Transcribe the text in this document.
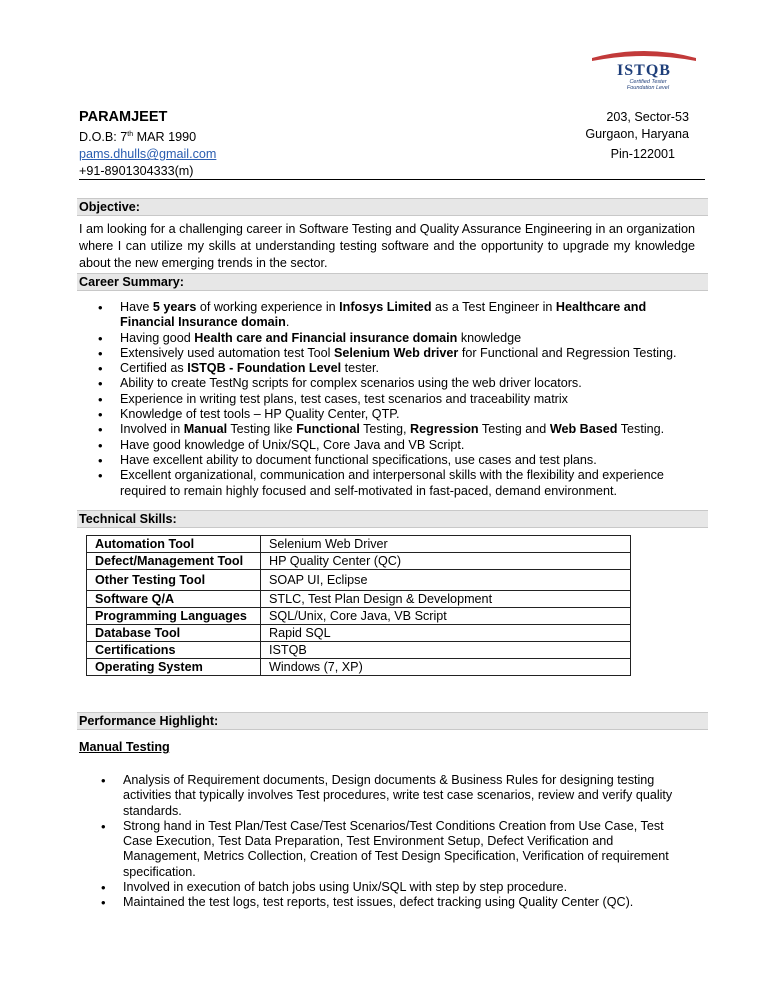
ISTQB
Certified Tester
Foundation Level
PARAMJEET	203, Sector-53
D.O.B: 7th MAR 1990	Gurgaon, Haryana
pams.dhulls@gmail.com	Pin-122001
+91-8901304333(m)
Objective:

I am looking for a challenging career in Software Testing and Quality Assurance Engineering in an organization where I can utilize my skills at understanding testing software and the opportunity to upgrade my knowledge about the new emerging trends in the sector.

Career Summary:
• Have 5 years of working experience in Infosys Limited as a Test Engineer in Healthcare and Financial Insurance domain.
• Having good Health care and Financial insurance domain knowledge
• Extensively used automation test Tool Selenium Web driver for Functional and Regression Testing.
• Certified as ISTQB - Foundation Level tester.
• Ability to create TestNg scripts for complex scenarios using the web driver locators.
• Experience in writing test plans, test cases, test scenarios and traceability matrix
• Knowledge of test tools – HP Quality Center, QTP.
• Involved in Manual Testing like Functional Testing, Regression Testing and Web Based Testing.
• Have good knowledge of Unix/SQL, Core Java and VB Script.
• Have excellent ability to document functional specifications, use cases and test plans.
• Excellent organizational, communication and interpersonal skills with the flexibility and experience required to remain highly focused and self-motivated in fast-paced, demand environment.
Technical Skills:
Automation Tool	Selenium Web Driver
Defect/Management Tool	HP Quality Center (QC)
Other Testing Tool	SOAP UI, Eclipse
Software Q/A	STLC, Test Plan Design & Development
Programming Languages	SQL/Unix, Core Java, VB Script
Database Tool	Rapid SQL
Certifications	ISTQB
Operating System	Windows (7, XP)
Performance Highlight:
Manual Testing
• Analysis of Requirement documents, Design documents & Business Rules for designing testing activities that typically involves Test procedures, write test case scenarios, review and verify quality standards.
• Strong hand in Test Plan/Test Case/Test Scenarios/Test Conditions Creation from Use Case, Test Case Execution, Test Data Preparation, Test Environment Setup, Defect Verification and Management, Metrics Collection, Creation of Test Design Specification, Verification of requirement specification.
• Involved in execution of batch jobs using Unix/SQL with step by step procedure.
• Maintained the test logs, test reports, test issues, defect tracking using Quality Center (QC).
